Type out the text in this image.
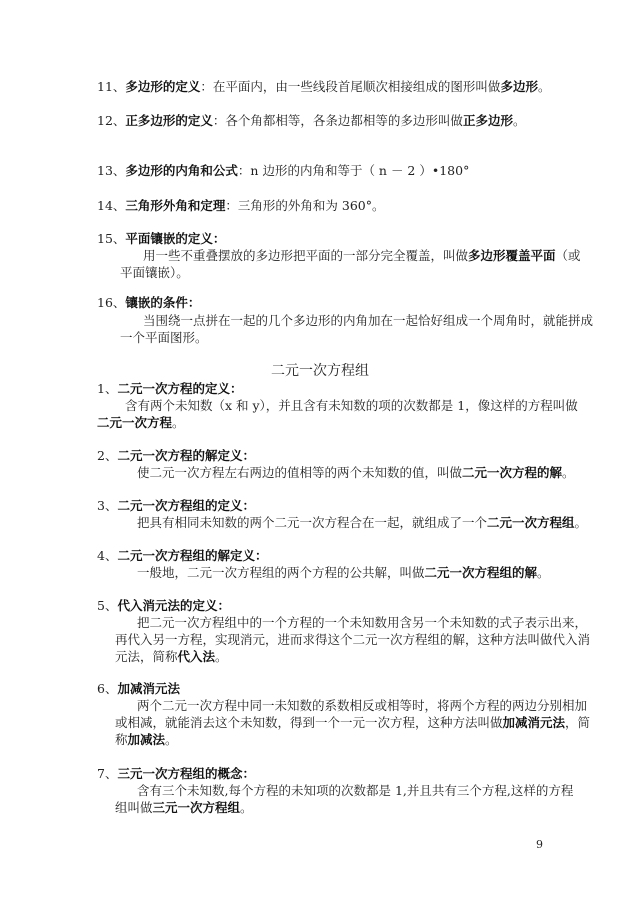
二元一次方程组
9
11、多边形的定义：在平面内，由一些线段首尾顺次相接组成的图形叫做多边形。
12、正多边形的定义：各个角都相等，各条边都相等的多边形叫做正多边形。
13、多边形的内角和公式：n 边形的内角和等于（ n － 2 ）•180°
14、三角形外角和定理：三角形的外角和为 360°。
15、平面镶嵌的定义：
用一些不重叠摆放的多边形把平面的一部分完全覆盖，叫做多边形覆盖平面（或
平面镶嵌）。
16、镶嵌的条件：
当围绕一点拼在一起的几个多边形的内角加在一起恰好组成一个周角时，就能拼成
一个平面图形。
1、二元一次方程的定义：
含有两个未知数（x 和 y），并且含有未知数的项的次数都是 1，像这样的方程叫做
二元一次方程。
2、二元一次方程的解定义：
使二元一次方程左右两边的值相等的两个未知数的值，叫做二元一次方程的解。
3、二元一次方程组的定义：
把具有相同未知数的两个二元一次方程合在一起，就组成了一个二元一次方程组。
4、二元一次方程组的解定义：
一般地，二元一次方程组的两个方程的公共解，叫做二元一次方程组的解。
5、代入消元法的定义：
把二元一次方程组中的一个方程的一个未知数用含另一个未知数的式子表示出来，
再代入另一方程，实现消元，进而求得这个二元一次方程组的解，这种方法叫做代入消
元法，简称代入法。
6、加减消元法
两个二元一次方程中同一未知数的系数相反或相等时，将两个方程的两边分别相加
或相减，就能消去这个未知数，得到一个一元一次方程，这种方法叫做加减消元法，简
称加减法。
7、三元一次方程组的概念：
含有三个未知数,每个方程的未知项的次数都是 1,并且共有三个方程,这样的方程
组叫做三元一次方程组。
